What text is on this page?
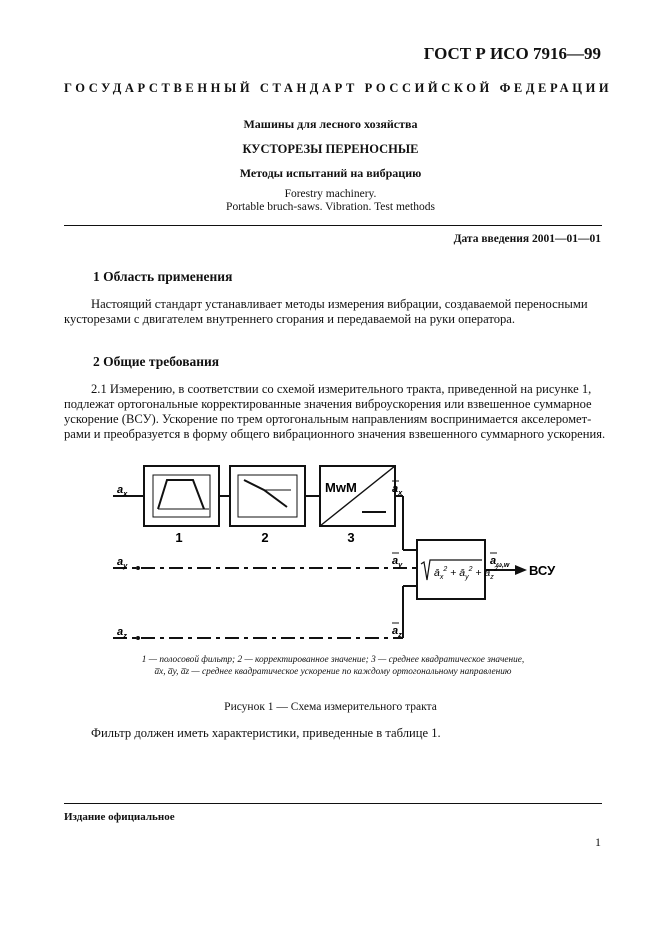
ГОСТ Р ИСО 7916—99
ГОСУДАРСТВЕННЫЙ СТАНДАРТ РОССИЙСКОЙ ФЕДЕРАЦИИ
Машины для лесного хозяйства
КУСТОРЕЗЫ ПЕРЕНОСНЫЕ
Методы испытаний на вибрацию
Forestry machinery.
Portable bruch-saws. Vibration. Test methods
Дата введения 2001—01—01
1 Область применения
Настоящий стандарт устанавливает методы измерения вибрации, создаваемой переносными
кусторезами с двигателем внутреннего сгорания и передаваемой на руки оператора.
2 Общие требования
2.1 Измерению, в соответствии со схемой измерительного тракта, приведенной на рисунке 1,
подлежат ортогональные корректированные значения виброускорения или взвешенное суммарное
ускорение (ВСУ). Ускорение по трем ортогональным направлениям воспринимается акселеромет-
рами и преобразуется в форму общего вибрационного значения взвешенного суммарного ускорения.
MwM
$ā_x^2$ + $ā_y^2$ + $ā_z^2$
$a_x$
$a_y$
$a_z$
$a_x$
$a_y$
$a_z$
$a_{\omega,w}$ ВСУ
1	2	3
1 — полосовой фильтр; 2 — корректированное значение; 3 — среднее квадратическое значение,
a̅x, a̅y, a̅z — среднее квадратическое ускорение по каждому ортогональному направлению
Рисунок 1 — Схема измерительного тракта
Фильтр должен иметь характеристики, приведенные в таблице 1.
Издание официальное
1
